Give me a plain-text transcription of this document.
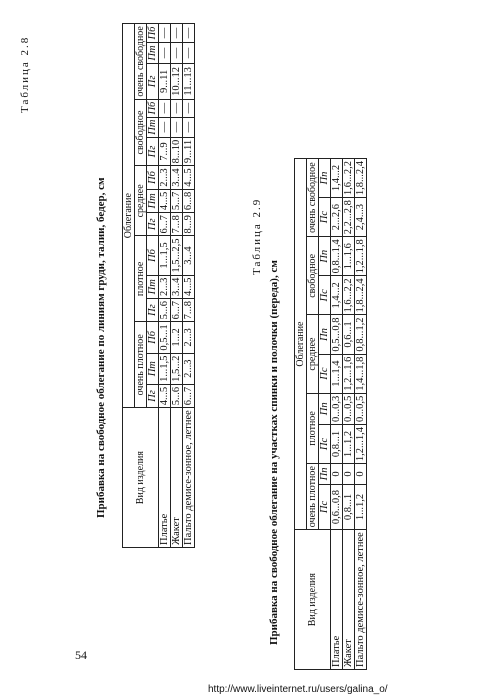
Прибавка на свободное облегание по линиям груди, талии, бедер, см	Вид изделия	Облегание														
	очень плотное			плотное			среднее			свободное			очень свободное		
	Пг	Пт	Пб	Пг	Пт	Пб	Пг	Пт	Пб	Пг	Пт	Пб	Пг	Пт	Пб
Платье	4...5	1...1,5	0,5...1	5...6	2...3	1...1,5	6...7	4...5	2...3	7...9	—	—	9...11	—	—
Жакет	5...6	1,5...2	1...2	6...7	3...4	1,5...2,5	7...8	5...7	3...4	8...10	—	—	10...12	—	—
Пальто демисе-зонное, летнее	6...7	2...3	2...3	7...8	4...5	3...4	8...9	6...8	4...5	9...11	—	—	11...13	—	—
Таблица 2.8
Прибавка на свободное облегание на участках спинки и полочки (переда), см	Вид изделия	Облегание									
	очень плотное		плотное		среднее		свободное		очень свободное	
	Пс	Пп	Пс	Пп	Пс	Пп	Пс	Пп	Пс	Пп
Платье	0,6...0,8	0	0,8...1	0...0,3	1...1,4	0,5...0,8	1,4...2	0,8...1,4	2...2,6	1,4...2
Жакет	0,8...1	0	1...1,2	0...0,5	1,2...1,6	0,6...1	1,6...2,2	1...1,6	2,2...2,8	1,6...2,2
Пальто демисе-зонное, летнее	1...1,2	0	1,2...1,4	0...0,5	1,4...1,8	0,8...1,2	1,8...2,4	1,2...1,8	2,4...3	1,8...2,4
Таблица 2.9
54
http://www.liveinternet.ru/users/galina_o/
